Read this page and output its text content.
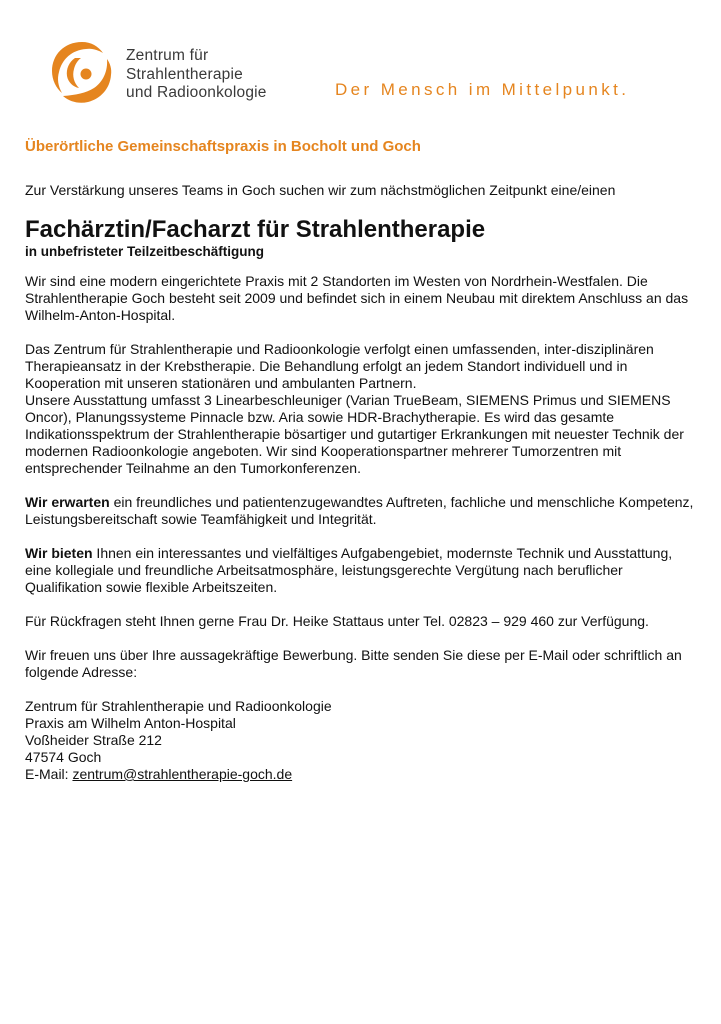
Zentrum für
Strahlentherapie
und Radioonkologie	Der Mensch im Mittelpunkt.
Überörtliche Gemeinschaftspraxis in Bocholt und Goch
Zur Verstärkung unseres Teams in Goch suchen wir zum nächstmöglichen Zeitpunkt eine/einen
Fachärztin/Facharzt für Strahlentherapie
in unbefristeter Teilzeitbeschäftigung

Wir sind eine modern eingerichtete Praxis mit 2 Standorten im Westen von Nordrhein-Westfalen. Die Strahlentherapie Goch besteht seit 2009 und befindet sich in einem Neubau mit direktem Anschluss an das Wilhelm-Anton-Hospital.

Das Zentrum für Strahlentherapie und Radioonkologie verfolgt einen umfassenden, inter-disziplinären Therapieansatz in der Krebstherapie. Die Behandlung erfolgt an jedem Standort individuell und in Kooperation mit unseren stationären und ambulanten Partnern.
Unsere Ausstattung umfasst 3 Linearbeschleuniger (Varian TrueBeam, SIEMENS Primus und SIEMENS Oncor), Planungssysteme Pinnacle bzw. Aria sowie HDR-Brachytherapie. Es wird das gesamte Indikationsspektrum der Strahlentherapie bösartiger und gutartiger Erkrankungen mit neuester Technik der modernen Radioonkologie angeboten. Wir sind Kooperationspartner mehrerer Tumorzentren mit entsprechender Teilnahme an den Tumorkonferenzen.

Wir erwarten ein freundliches und patientenzugewandtes Auftreten, fachliche und menschliche Kompetenz, Leistungsbereitschaft sowie Teamfähigkeit und Integrität.

Wir bieten Ihnen ein interessantes und vielfältiges Aufgabengebiet, modernste Technik und Ausstattung, eine kollegiale und freundliche Arbeitsatmosphäre, leistungsgerechte Vergütung nach beruflicher Qualifikation sowie flexible Arbeitszeiten.

Für Rückfragen steht Ihnen gerne Frau Dr. Heike Stattaus unter Tel. 02823 – 929 460 zur Verfügung.

Wir freuen uns über Ihre aussagekräftige Bewerbung. Bitte senden Sie diese per E-Mail oder schriftlich an folgende Adresse:

Zentrum für Strahlentherapie und Radioonkologie
Praxis am Wilhelm Anton-Hospital
Voßheider Straße 212
47574 Goch
E-Mail: zentrum@strahlentherapie-goch.de
